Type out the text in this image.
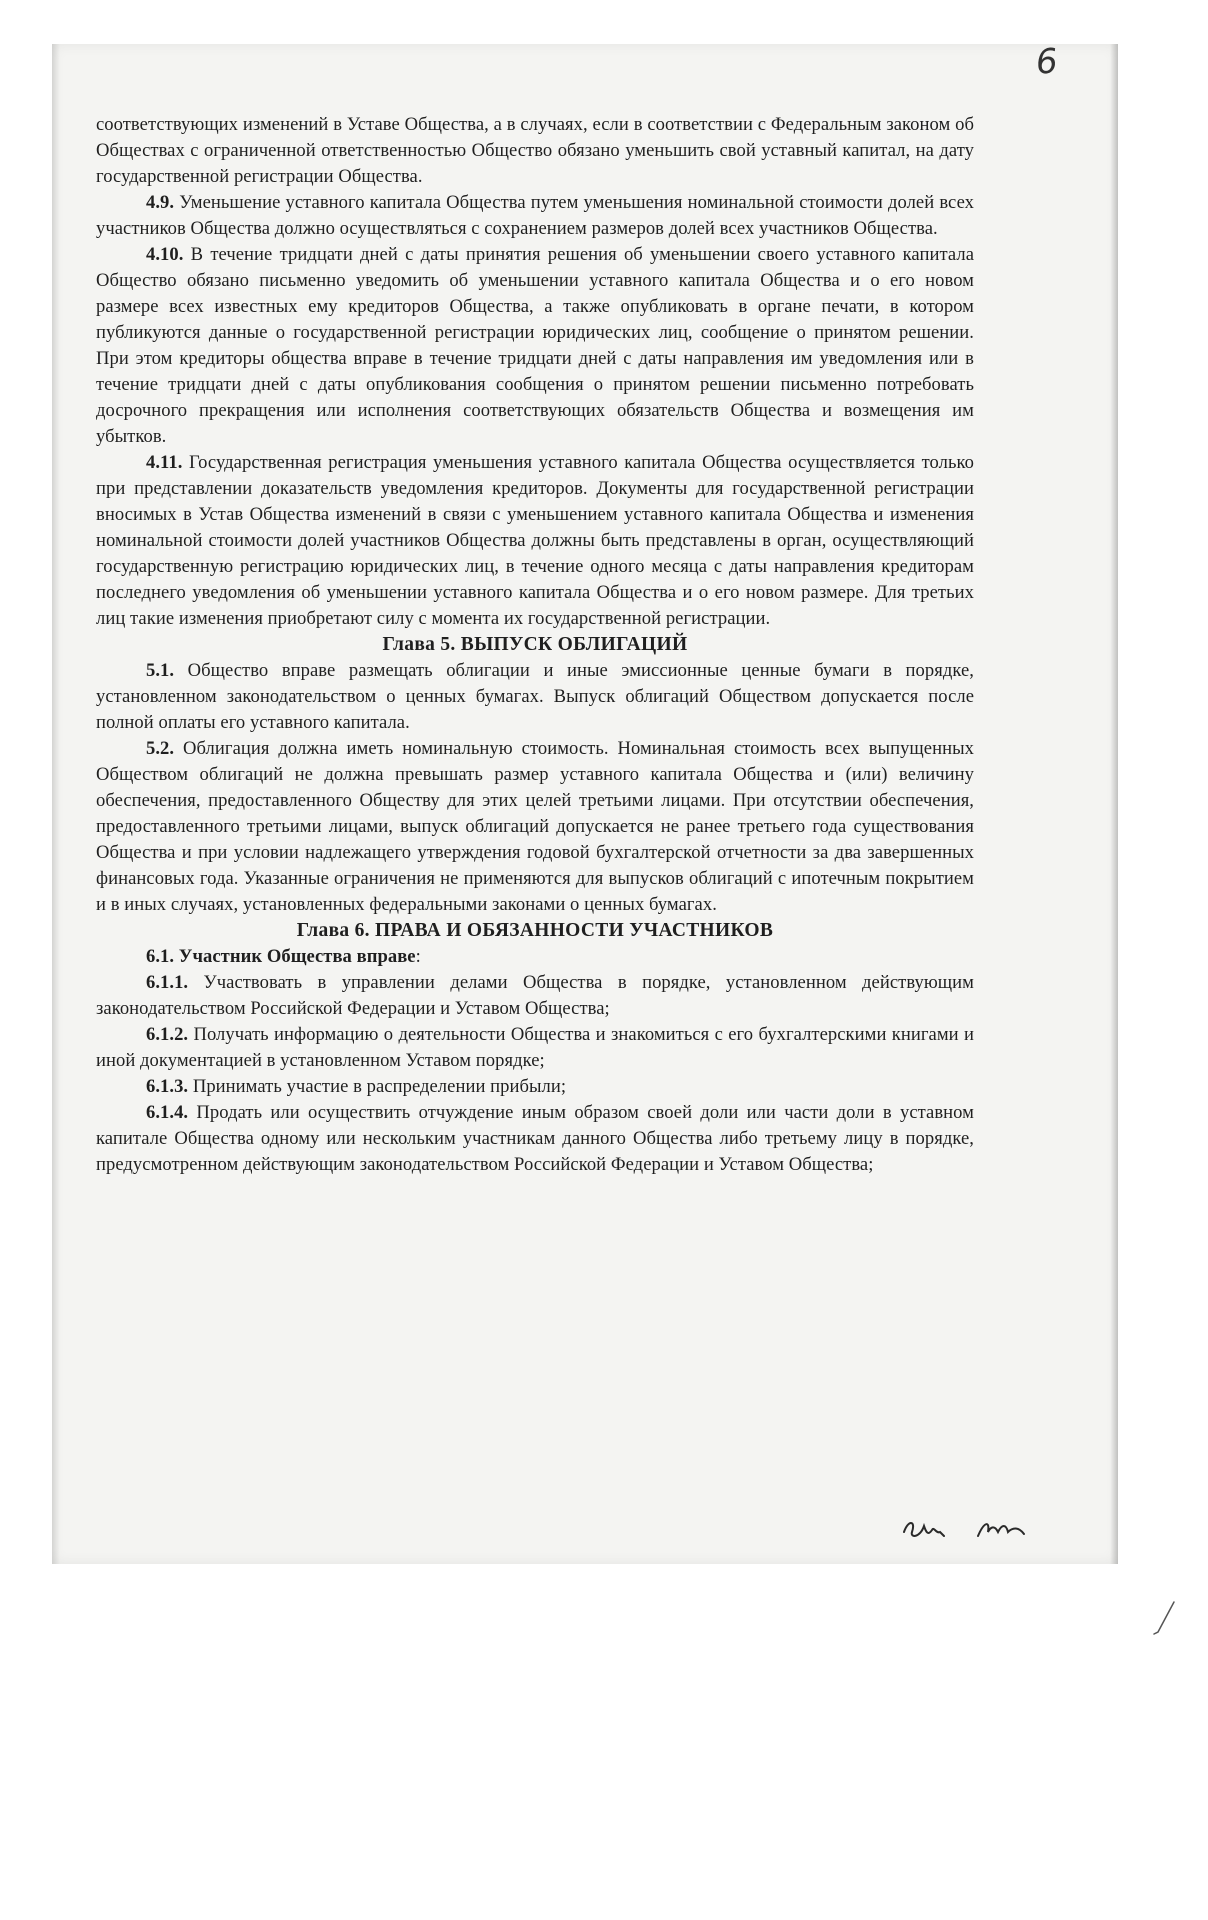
6

соответствующих изменений в Уставе Общества, а в случаях, если в соответствии с Федеральным законом об Обществах с ограниченной ответственностью Общество обязано уменьшить свой уставный капитал, на дату государственной регистрации Общества.

4.9. Уменьшение уставного капитала Общества путем уменьшения номинальной стоимости долей всех участников Общества должно осуществляться с сохранением размеров долей всех участников Общества.

4.10. В течение тридцати дней с даты принятия решения об уменьшении своего уставного капитала Общество обязано письменно уведомить об уменьшении уставного капитала Общества и о его новом размере всех известных ему кредиторов Общества, а также опубликовать в органе печати, в котором публикуются данные о государственной регистрации юридических лиц, сообщение о принятом решении. При этом кредиторы общества вправе в течение тридцати дней с даты направления им уведомления или в течение тридцати дней с даты опубликования сообщения о принятом решении письменно потребовать досрочного прекращения или исполнения соответствующих обязательств Общества и возмещения им убытков.

4.11. Государственная регистрация уменьшения уставного капитала Общества осуществляется только при представлении доказательств уведомления кредиторов. Документы для государственной регистрации вносимых в Устав Общества изменений в связи с уменьшением уставного капитала Общества и изменения номинальной стоимости долей участников Общества должны быть представлены в орган, осуществляющий государственную регистрацию юридических лиц, в течение одного месяца с даты направления кредиторам последнего уведомления об уменьшении уставного капитала Общества и о его новом размере. Для третьих лиц такие изменения приобретают силу с момента их государственной регистрации.

Глава 5. ВЫПУСК ОБЛИГАЦИЙ

5.1. Общество вправе размещать облигации и иные эмиссионные ценные бумаги в порядке, установленном законодательством о ценных бумагах. Выпуск облигаций Обществом допускается после полной оплаты его уставного капитала.

5.2. Облигация должна иметь номинальную стоимость. Номинальная стоимость всех выпущенных Обществом облигаций не должна превышать размер уставного капитала Общества и (или) величину обеспечения, предоставленного Обществу для этих целей третьими лицами. При отсутствии обеспечения, предоставленного третьими лицами, выпуск облигаций допускается не ранее третьего года существования Общества и при условии надлежащего утверждения годовой бухгалтерской отчетности за два завершенных финансовых года. Указанные ограничения не применяются для выпусков облигаций с ипотечным покрытием и в иных случаях, установленных федеральными законами о ценных бумагах.

Глава 6. ПРАВА И ОБЯЗАННОСТИ УЧАСТНИКОВ

6.1. Участник Общества вправе:

6.1.1. Участвовать в управлении делами Общества в порядке, установленном действующим законодательством Российской Федерации и Уставом Общества;

6.1.2. Получать информацию о деятельности Общества и знакомиться с его бухгалтерскими книгами и иной документацией в установленном Уставом порядке;

6.1.3. Принимать участие в распределении прибыли;

6.1.4. Продать или осуществить отчуждение иным образом своей доли или части доли в уставном капитале Общества одному или нескольким участникам данного Общества либо третьему лицу в порядке, предусмотренном действующим законодательством Российской Федерации и Уставом Общества;
